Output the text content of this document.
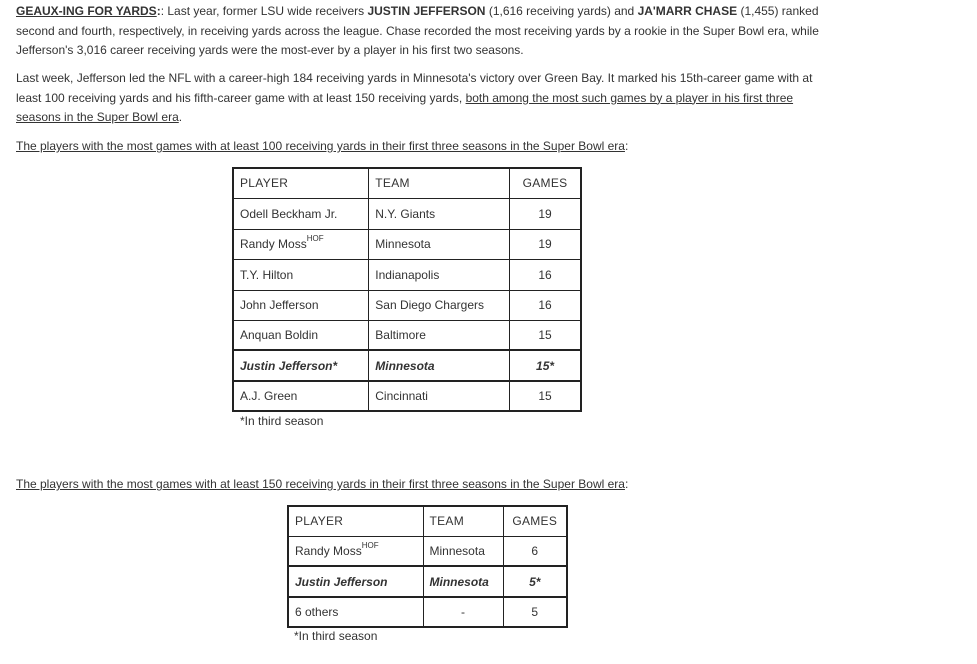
GEAUX-ING FOR YARDS:: Last year, former LSU wide receivers JUSTIN JEFFERSON (1,616 receiving yards) and JA'MARR CHASE (1,455) ranked second and fourth, respectively, in receiving yards across the league. Chase recorded the most receiving yards by a rookie in the Super Bowl era, while Jefferson's 3,016 career receiving yards were the most-ever by a player in his first two seasons.

Last week, Jefferson led the NFL with a career-high 184 receiving yards in Minnesota's victory over Green Bay. It marked his 15th-career game with at least 100 receiving yards and his fifth-career game with at least 150 receiving yards, both among the most such games by a player in his first three seasons in the Super Bowl era.

The players with the most games with at least 100 receiving yards in their first three seasons in the Super Bowl era:

PLAYER	TEAM	GAMES
Odell Beckham Jr.	N.Y. Giants	19
Randy Moss$^{HOF}$	Minnesota	19
T.Y. Hilton	Indianapolis	16
John Jefferson	San Diego Chargers	16
Anquan Boldin	Baltimore	15
Justin Jefferson*	Minnesota	15*
A.J. Green	Cincinnati	15
*In third season

The players with the most games with at least 150 receiving yards in their first three seasons in the Super Bowl era:

PLAYER	TEAM	GAMES
Randy Moss$^{HOF}$	Minnesota	6
Justin Jefferson	Minnesota	5*
6 others	-	5
*In third season
